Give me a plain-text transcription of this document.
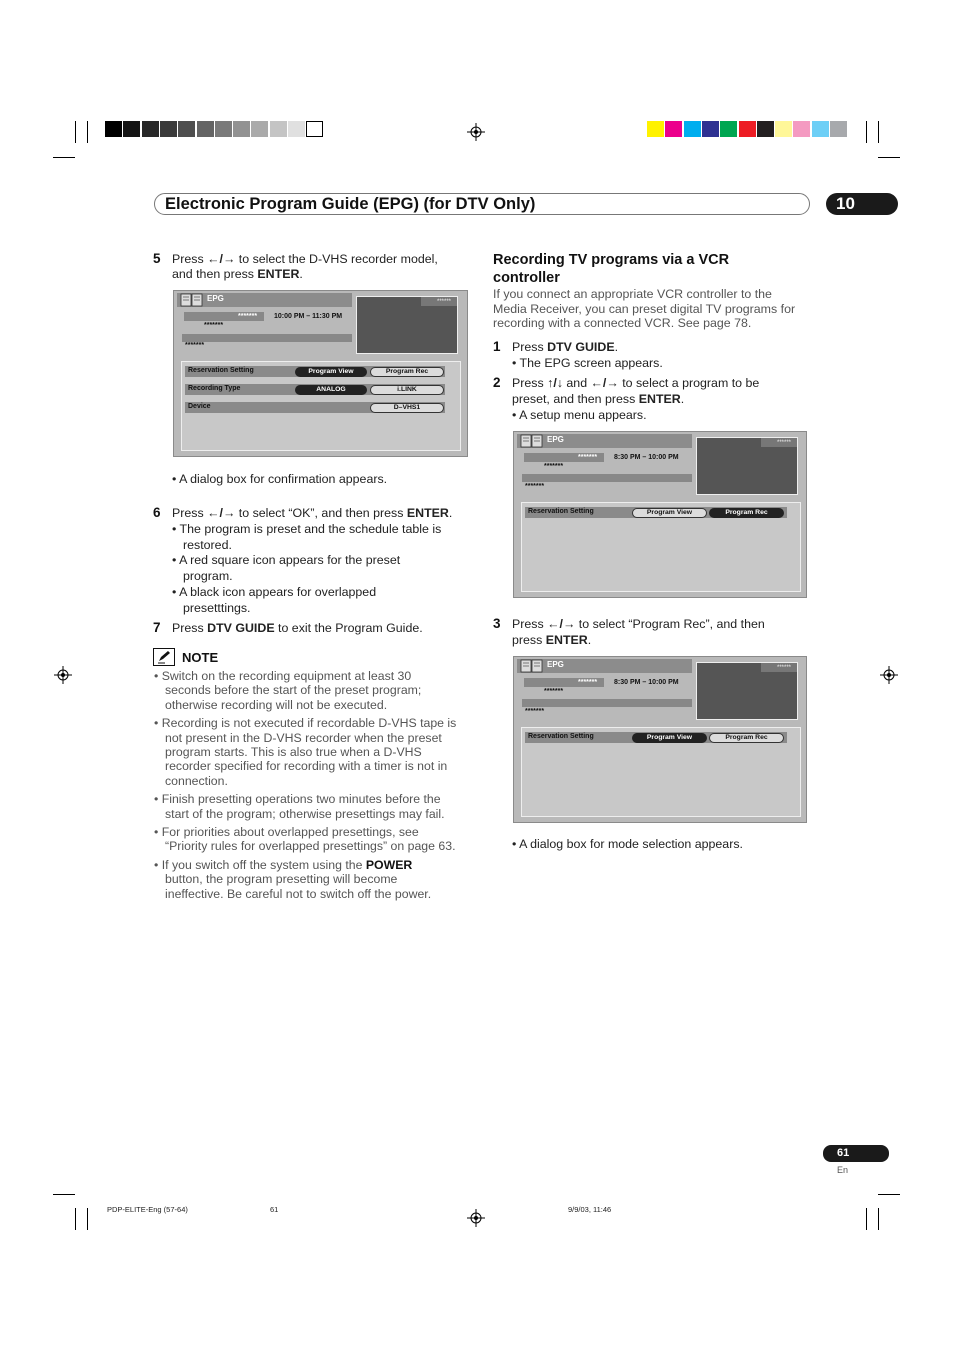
Electronic Program Guide (EPG) (for DTV Only)	10
5 Press ←/→ to select the D-VHS recorder model,
and then press ENTER.
EPG	******
******* 10:00 PM – 11:30 PM
*******
*******
Reservation Setting	Program View	Program Rec
Recording Type	ANALOG	i.LINK
Device	D–VHS1
• A dialog box for confirmation appears.
6 Press ←/→ to select “OK”, and then press ENTER.
• The program is preset and the schedule table is
restored.
• A red square icon appears for the preset
program.
• A black icon appears for overlapped
presetttings.
7 Press DTV GUIDE to exit the Program Guide.
NOTE
• Switch on the recording equipment at least 30
seconds before the start of the preset program;
otherwise recording will not be executed.
• Recording is not executed if recordable D-VHS tape is
not present in the D-VHS recorder when the preset
program starts. This is also true when a D-VHS
recorder specified for recording with a timer is not in
connection.
• Finish presetting operations two minutes before the
start of the program; otherwise presettings may fail.
• For priorities about overlapped presettings, see
“Priority rules for overlapped presettings” on page 63.
• If you switch off the system using the POWER
button, the program presetting will become
ineffective. Be careful not to switch off the power.
Recording TV programs via a VCR
controller
If you connect an appropriate VCR controller to the
Media Receiver, you can preset digital TV programs for
recording with a connected VCR. See page 78.
1 Press DTV GUIDE.
• The EPG screen appears.
2 Press ↑/↓ and ←/→ to select a program to be
preset, and then press ENTER.
• A setup menu appears.
EPG	******
******* 8:30 PM – 10:00 PM
*******
*******
Reservation Setting	Program View	Program Rec
3 Press ←/→ to select “Program Rec”, and then
press ENTER.
EPG	******
******* 8:30 PM – 10:00 PM
*******
*******
Reservation Setting	Program View	Program Rec
• A dialog box for mode selection appears.
61
En
PDP-ELITE-Eng (57-64)	61	9/9/03, 11:46
